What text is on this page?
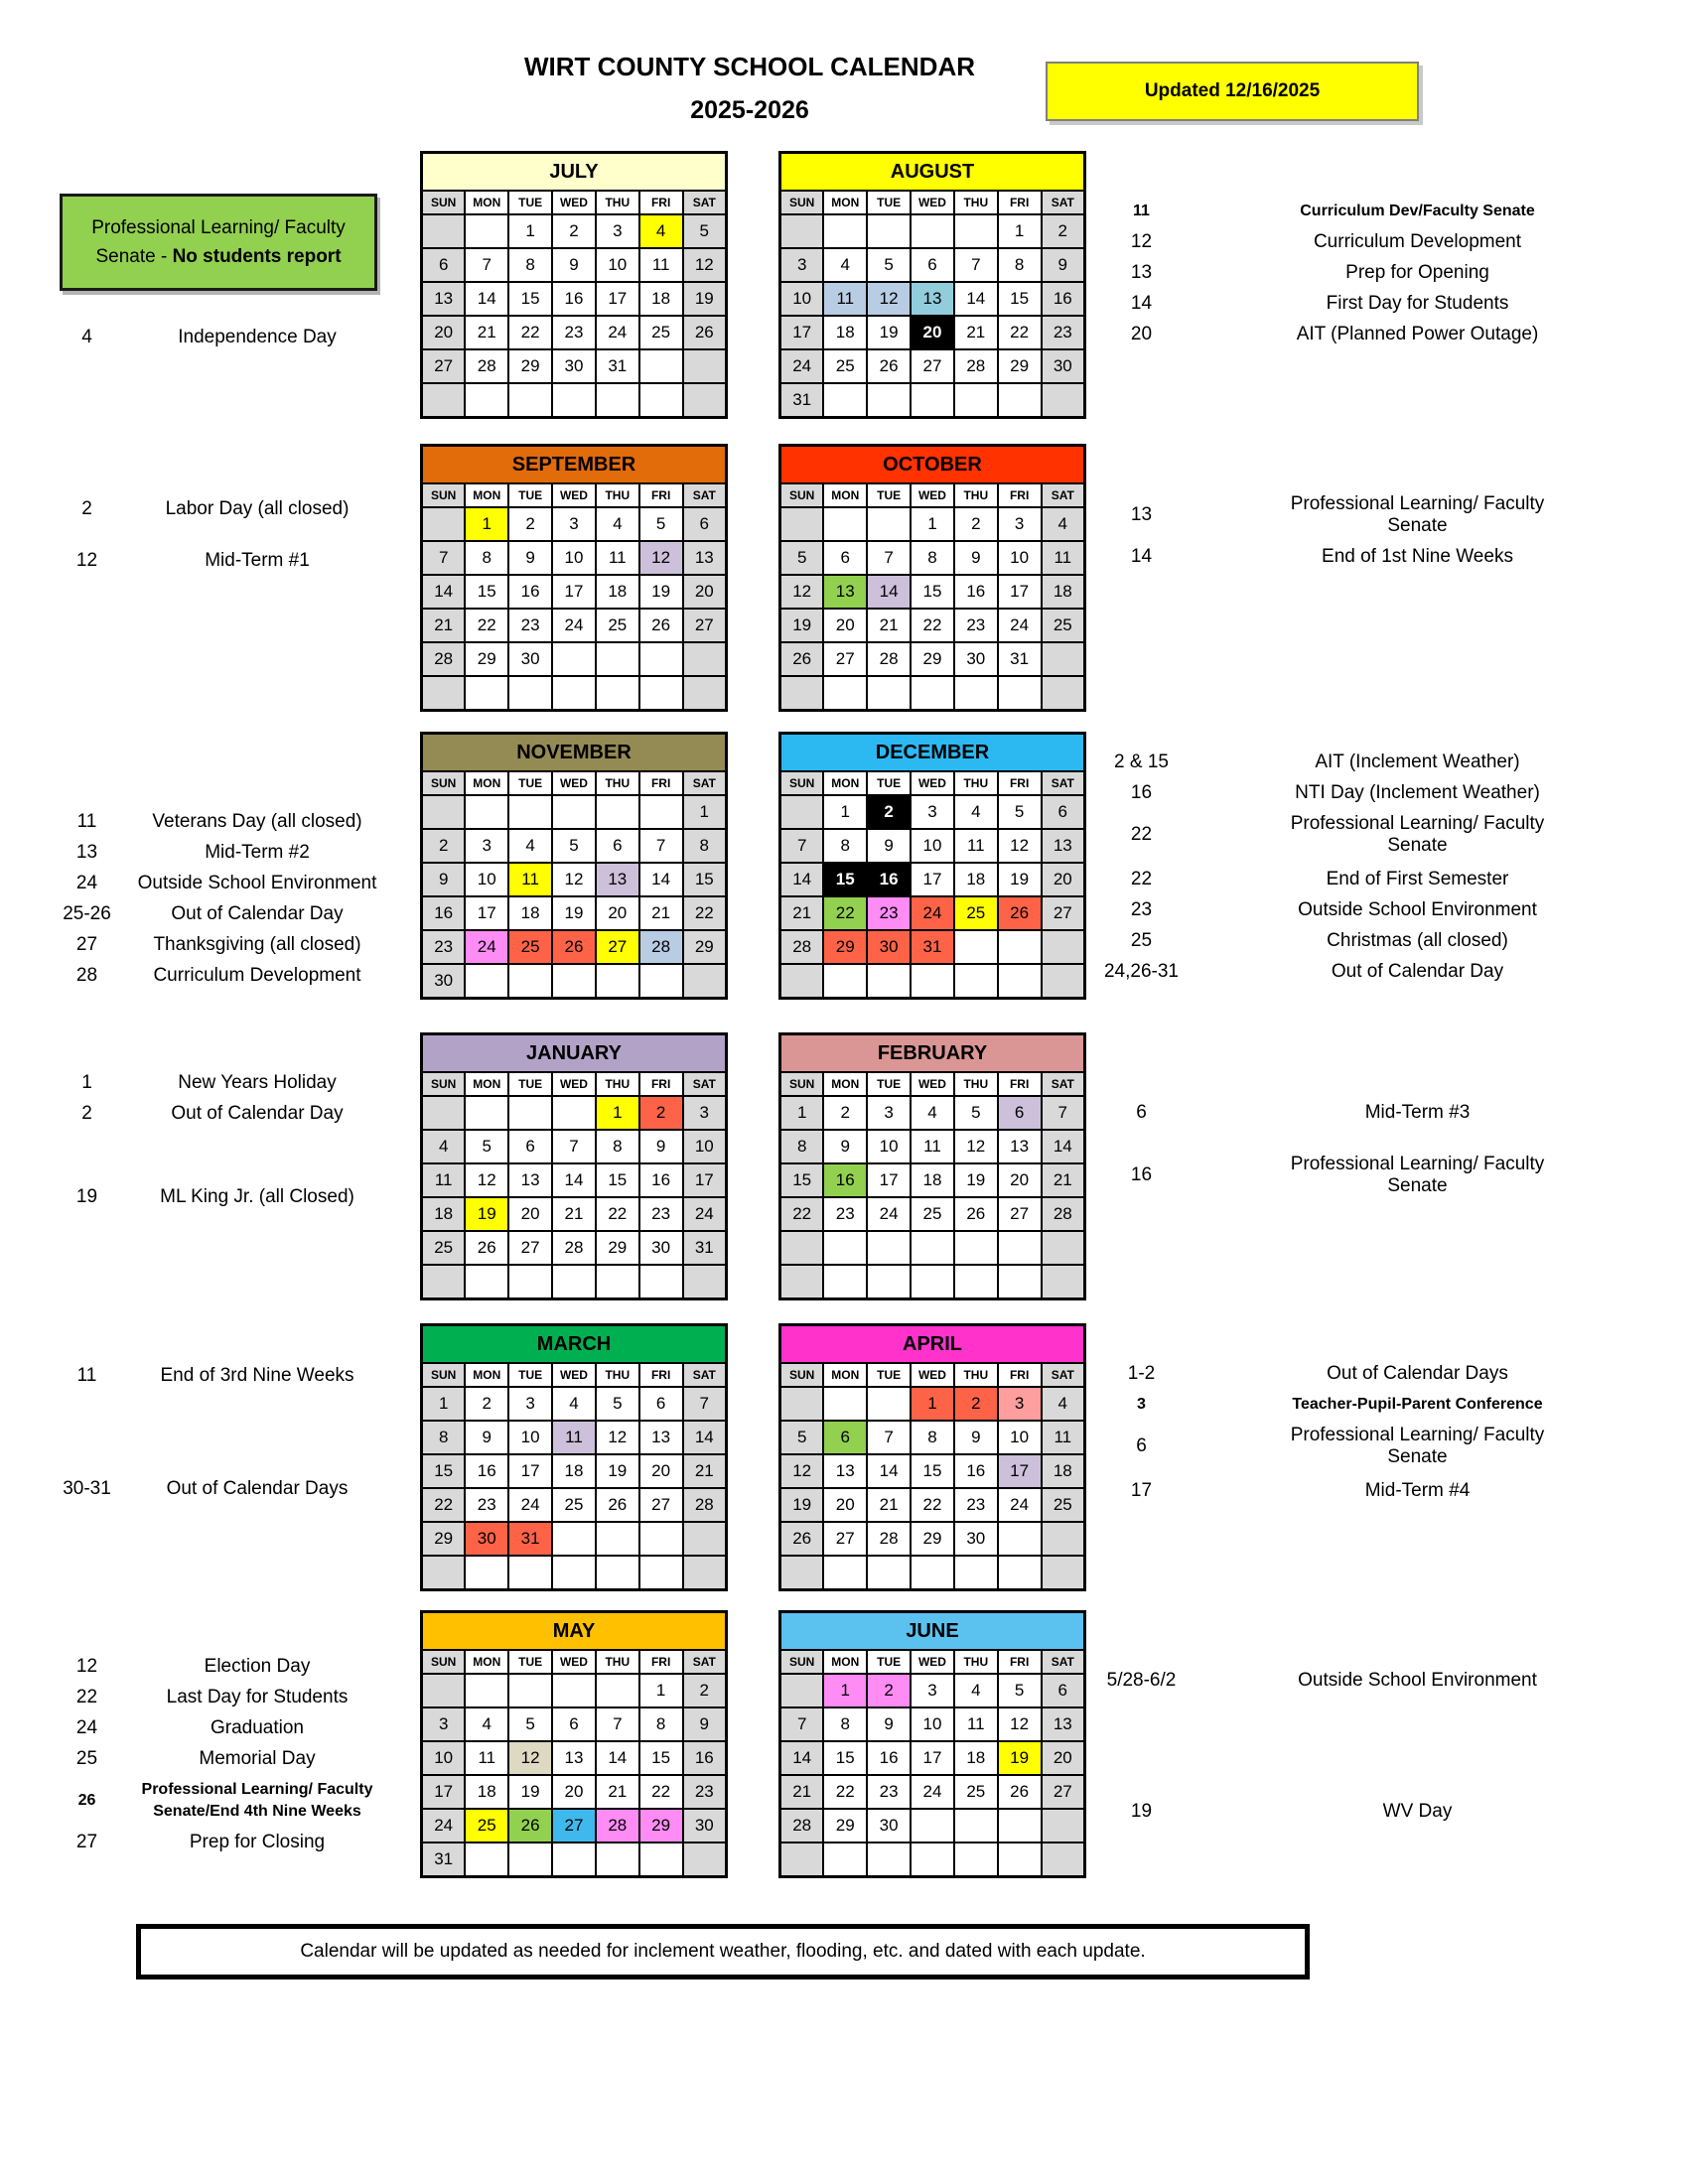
WIRT COUNTY SCHOOL CALENDAR
2025-2026
Updated 12/16/2025
Professional Learning/ Faculty Senate - No students report
4	Independence Day
JULY						
SUN	MON	TUE	WED	THU	FRI	SAT
		1	2	3	4	5
6	7	8	9	10	11	12
13	14	15	16	17	18	19
20	21	22	23	24	25	26
27	28	29	30	31		

AUGUST						
SUN	MON	TUE	WED	THU	FRI	SAT
					1	2
3	4	5	6	7	8	9
10	11	12	13	14	15	16
17	18	19	20	21	22	23
24	25	26	27	28	29	30
31						
11	Curriculum Dev/Faculty Senate
12	Curriculum Development
13	Prep for Opening
14	First Day for Students
20	AIT (Planned Power Outage)
2	Labor Day (all closed)
12	Mid-Term #1
SEPTEMBER						
SUN	MON	TUE	WED	THU	FRI	SAT
	1	2	3	4	5	6
7	8	9	10	11	12	13
14	15	16	17	18	19	20
21	22	23	24	25	26	27
28	29	30				

OCTOBER						
SUN	MON	TUE	WED	THU	FRI	SAT
			1	2	3	4
5	6	7	8	9	10	11
12	13	14	15	16	17	18
19	20	21	22	23	24	25
26	27	28	29	30	31	

13
Professional Learning/ Faculty Senate
14	End of 1st Nine Weeks
11	Veterans Day (all closed)
13	Mid-Term #2
24	Outside School Environment
25-26	Out of Calendar Day
27	Thanksgiving (all closed)
28	Curriculum Development
NOVEMBER						
SUN	MON	TUE	WED	THU	FRI	SAT
						1
2	3	4	5	6	7	8
9	10	11	12	13	14	15
16	17	18	19	20	21	22
23	24	25	26	27	28	29
30						
DECEMBER						
SUN	MON	TUE	WED	THU	FRI	SAT
	1	2	3	4	5	6
7	8	9	10	11	12	13
14	15	16	17	18	19	20
21	22	23	24	25	26	27
28	29	30	31			

2 & 15	AIT (Inclement Weather)
16	NTI Day (Inclement Weather)
22
Professional Learning/ Faculty Senate
22	End of First Semester
23	Outside School Environment
25	Christmas (all closed)
24,26-31	Out of Calendar Day
1	New Years Holiday
2	Out of Calendar Day
19	ML King Jr. (all Closed)
JANUARY						
SUN	MON	TUE	WED	THU	FRI	SAT
				1	2	3
4	5	6	7	8	9	10
11	12	13	14	15	16	17
18	19	20	21	22	23	24
25	26	27	28	29	30	31

FEBRUARY						
SUN	MON	TUE	WED	THU	FRI	SAT
1	2	3	4	5	6	7
8	9	10	11	12	13	14
15	16	17	18	19	20	21
22	23	24	25	26	27	28

6	Mid-Term #3
16
Professional Learning/ Faculty Senate
11	End of 3rd Nine Weeks
30-31	Out of Calendar Days
MARCH						
SUN	MON	TUE	WED	THU	FRI	SAT
1	2	3	4	5	6	7
8	9	10	11	12	13	14
15	16	17	18	19	20	21
22	23	24	25	26	27	28
29	30	31				

APRIL						
SUN	MON	TUE	WED	THU	FRI	SAT
			1	2	3	4
5	6	7	8	9	10	11
12	13	14	15	16	17	18
19	20	21	22	23	24	25
26	27	28	29	30		

1-2	Out of Calendar Days
3	Teacher-Pupil-Parent Conference
6
Professional Learning/ Faculty Senate
17	Mid-Term #4
12	Election Day
22	Last Day for Students
24	Graduation
25	Memorial Day
26
Professional Learning/ Faculty Senate/End 4th Nine Weeks
27	Prep for Closing
MAY						
SUN	MON	TUE	WED	THU	FRI	SAT
					1	2
3	4	5	6	7	8	9
10	11	12	13	14	15	16
17	18	19	20	21	22	23
24	25	26	27	28	29	30
31						
JUNE						
SUN	MON	TUE	WED	THU	FRI	SAT
	1	2	3	4	5	6
7	8	9	10	11	12	13
14	15	16	17	18	19	20
21	22	23	24	25	26	27
28	29	30				

5/28-6/2	Outside School Environment
19	WV Day
Calendar will be updated as needed for inclement weather, flooding, etc. and dated with each update.
